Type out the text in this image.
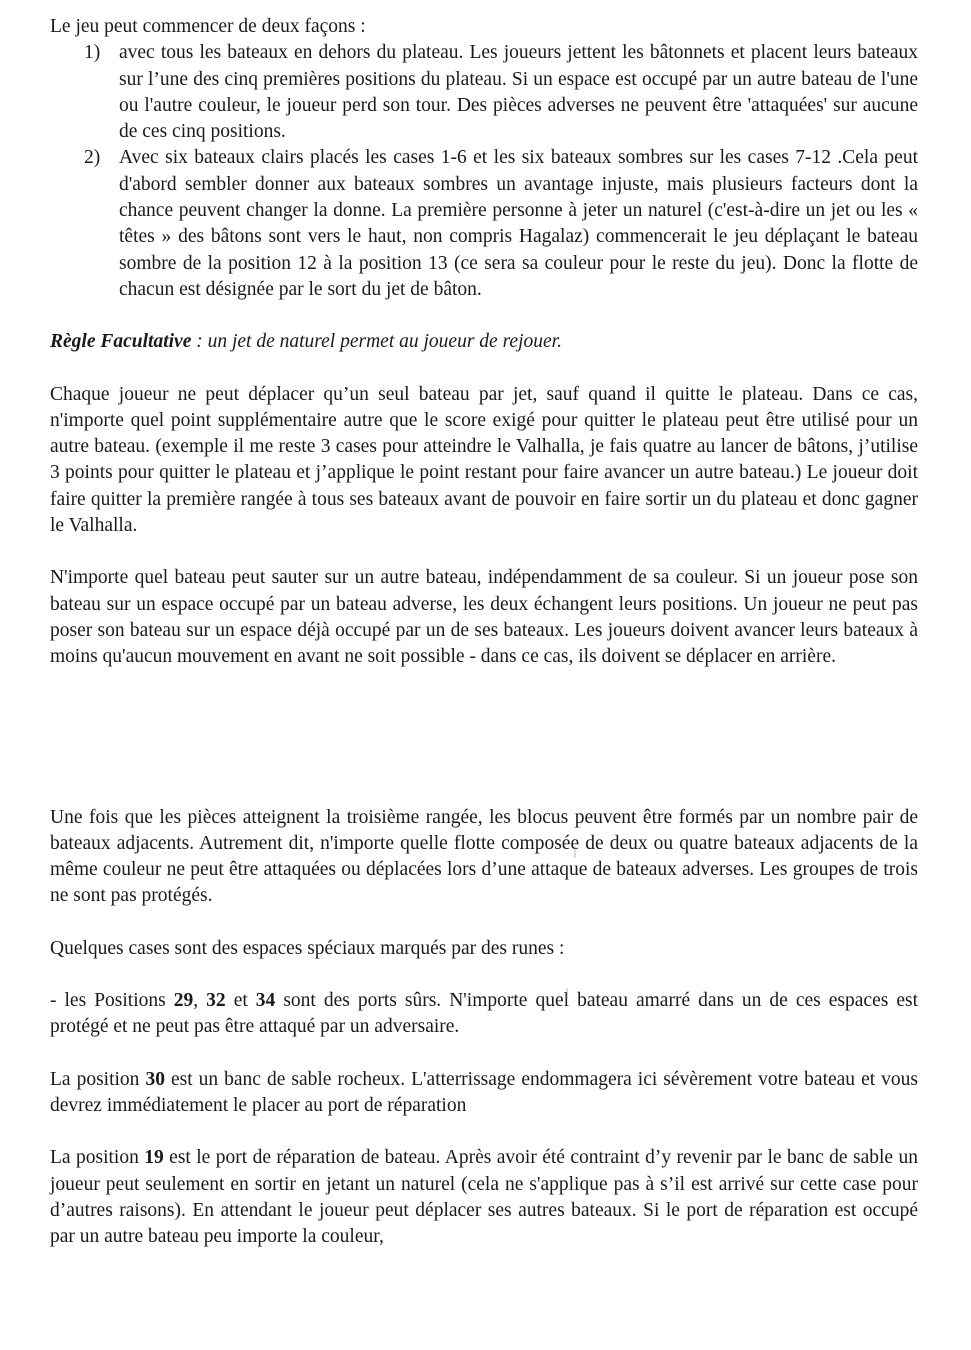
Le jeu peut commencer de deux façons :

1) avec tous les bateaux en dehors du plateau. Les joueurs jettent les bâtonnets et placent leurs bateaux sur l’une des cinq premières positions du plateau. Si un espace est occupé par un autre bateau de l'une ou l'autre couleur, le joueur perd son tour. Des pièces adverses ne peuvent être 'attaquées' sur aucune de ces cinq positions.
2) Avec six bateaux clairs placés les cases 1-6 et les six bateaux sombres sur les cases 7-12 .Cela peut d'abord sembler donner aux bateaux sombres un avantage injuste, mais plusieurs facteurs dont la chance peuvent changer la donne. La première personne à jeter un naturel (c'est-à-dire un jet ou les « têtes » des bâtons sont vers le haut, non compris Hagalaz) commencerait le jeu déplaçant le bateau sombre de la position 12 à la position 13 (ce sera sa couleur pour le reste du jeu). Donc la flotte de chacun est désignée par le sort du jet de bâton.

Règle Facultative : un jet de naturel permet au joueur de rejouer.

Chaque joueur ne peut déplacer qu’un seul bateau par jet, sauf quand il quitte le plateau. Dans ce cas, n'importe quel point supplémentaire autre que le score exigé pour quitter le plateau peut être utilisé pour un autre bateau. (exemple il me reste 3 cases pour atteindre le Valhalla, je fais quatre au lancer de bâtons, j’utilise 3 points pour quitter le plateau et j’applique le point restant pour faire avancer un autre bateau.) Le joueur doit faire quitter la première rangée à tous ses bateaux avant de pouvoir en faire sortir un du plateau et donc gagner le Valhalla.

N'importe quel bateau peut sauter sur un autre bateau, indépendamment de sa couleur. Si un joueur pose son bateau sur un espace occupé par un bateau adverse, les deux échangent leurs positions. Un joueur ne peut pas poser son bateau sur un espace déjà occupé par un de ses bateaux. Les joueurs doivent avancer leurs bateaux à moins qu'aucun mouvement en avant ne soit possible - dans ce cas, ils doivent se déplacer en arrière.

Une fois que les pièces atteignent la troisième rangée, les blocus peuvent être formés par un nombre pair de bateaux adjacents. Autrement dit, n'importe quelle flotte composée de deux ou quatre bateaux adjacents de la même couleur ne peut être attaquées ou déplacées lors d’une attaque de bateaux adverses. Les groupes de trois ne sont pas protégés.

Quelques cases sont des espaces spéciaux marqués par des runes :

- les Positions 29, 32 et 34 sont des ports sûrs. N'importe quel bateau amarré dans un de ces espaces est protégé et ne peut pas être attaqué par un adversaire.

La position 30 est un banc de sable rocheux. L'atterrissage endommagera ici sévèrement votre bateau et vous devrez immédiatement le placer au port de réparation

La position 19 est le port de réparation de bateau. Après avoir été contraint d’y revenir par le banc de sable un joueur peut seulement en sortir en jetant un naturel (cela ne s'applique pas à s’il est arrivé sur cette case pour d’autres raisons). En attendant le joueur peut déplacer ses autres bateaux. Si le port de réparation est occupé par un autre bateau peu importe la couleur,
